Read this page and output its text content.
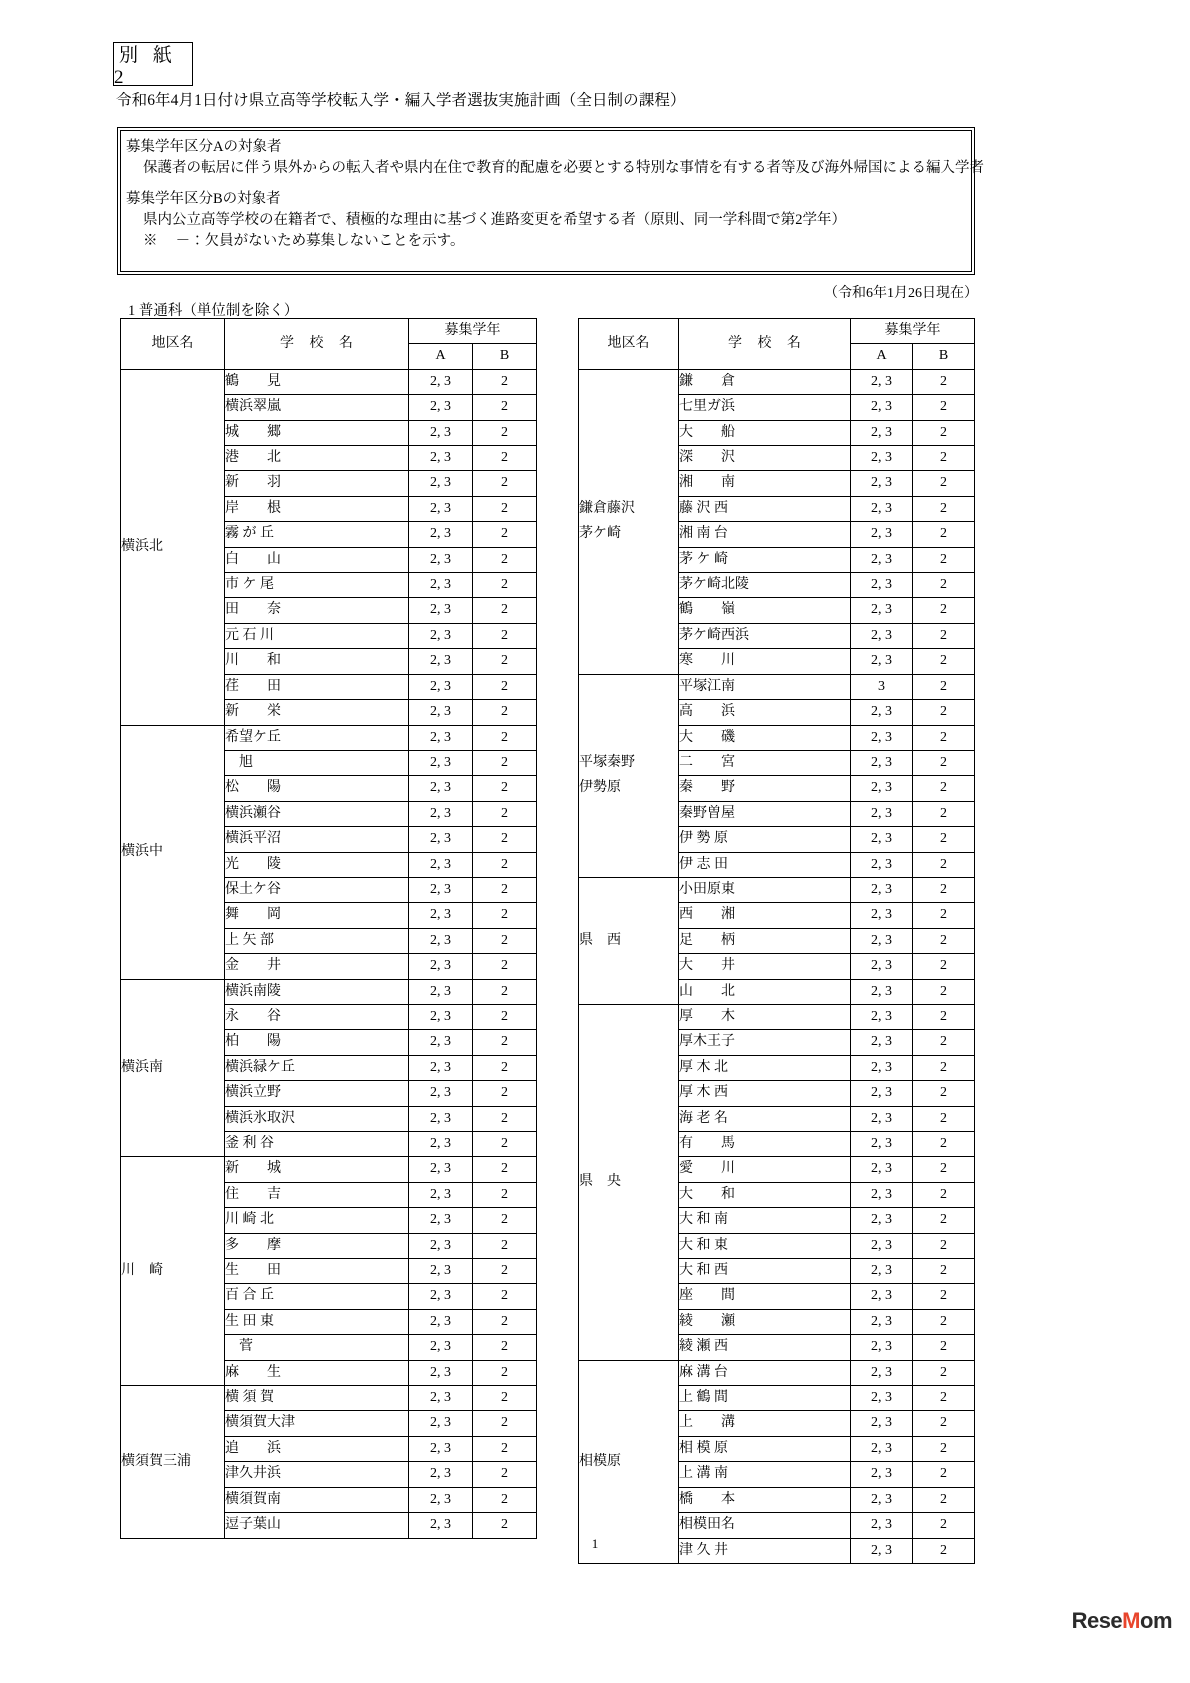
別 紙 2
令和6年4月1日付け県立高等学校転入学・編入学者選抜実施計画（全日制の課程）
募集学年区分Aの対象者
保護者の転居に伴う県外からの転入者や県内在住で教育的配慮を必要とする特別な事情を有する者等及び海外帰国による編入学者
募集学年区分Bの対象者
県内公立高等学校の在籍者で、積極的な理由に基づく進路変更を希望する者（原則、同一学科間で第2学年）
※　 －：欠員がないため募集しないことを示す。
（令和6年1月26日現在）
1 普通科（単位制を除く）
地区名	学 校 名	募集学年	
		A	B

横浜北	鶴　　見	2, 3	2
	横浜翠嵐	2, 3	2
	城　　郷	2, 3	2
	港　　北	2, 3	2
	新　　羽	2, 3	2
	岸　　根	2, 3	2
	霧 が 丘	2, 3	2
	白　　山	2, 3	2
	市 ケ 尾	2, 3	2
	田　　奈	2, 3	2
	元 石 川	2, 3	2
	川　　和	2, 3	2
	荏　　田	2, 3	2
	新　　栄	2, 3	2

横浜中	希望ケ丘	2, 3	2
	　旭	2, 3	2
	松　　陽	2, 3	2
	横浜瀬谷	2, 3	2
	横浜平沼	2, 3	2
	光　　陵	2, 3	2
	保土ケ谷	2, 3	2
	舞　　岡	2, 3	2
	上 矢 部	2, 3	2
	金　　井	2, 3	2

横浜南	横浜南陵	2, 3	2
	永　　谷	2, 3	2
	柏　　陽	2, 3	2
	横浜緑ケ丘	2, 3	2
	横浜立野	2, 3	2
	横浜氷取沢	2, 3	2
	釜 利 谷	2, 3	2

川　崎	新　　城	2, 3	2
	住　　吉	2, 3	2
	川 崎 北	2, 3	2
	多　　摩	2, 3	2
	生　　田	2, 3	2
	百 合 丘	2, 3	2
	生 田 東	2, 3	2
	　菅	2, 3	2
	麻　　生	2, 3	2

横須賀三浦	横 須 賀	2, 3	2
	横須賀大津	2, 3	2
	追　　浜	2, 3	2
	津久井浜	2, 3	2
	横須賀南	2, 3	2
	逗子葉山	2, 3	2
地区名	学 校 名	募集学年	
		A	B

鎌倉藤沢
茅ケ崎	鎌　　倉	2, 3	2
	七里ガ浜	2, 3	2
	大　　船	2, 3	2
	深　　沢	2, 3	2
	湘　　南	2, 3	2
	藤 沢 西	2, 3	2
	湘 南 台	2, 3	2
	茅 ケ 崎	2, 3	2
	茅ケ崎北陵	2, 3	2
	鶴　　嶺	2, 3	2
	茅ケ崎西浜	2, 3	2
	寒　　川	2, 3	2

平塚秦野
伊勢原	平塚江南	3	2
	高　　浜	2, 3	2
	大　　磯	2, 3	2
	二　　宮	2, 3	2
	秦　　野	2, 3	2
	秦野曽屋	2, 3	2
	伊 勢 原	2, 3	2
	伊 志 田	2, 3	2

県　西	小田原東	2, 3	2
	西　　湘	2, 3	2
	足　　柄	2, 3	2
	大　　井	2, 3	2
	山　　北	2, 3	2

県　央	厚　　木	2, 3	2
	厚木王子	2, 3	2
	厚 木 北	2, 3	2
	厚 木 西	2, 3	2
	海 老 名	2, 3	2
	有　　馬	2, 3	2
	愛　　川	2, 3	2
	大　　和	2, 3	2
	大 和 南	2, 3	2
	大 和 東	2, 3	2
	大 和 西	2, 3	2
	座　　間	2, 3	2
	綾　　瀬	2, 3	2
	綾 瀬 西	2, 3	2

相模原	麻 溝 台	2, 3	2
	上 鶴 間	2, 3	2
	上　　溝	2, 3	2
	相 模 原	2, 3	2
	上 溝 南	2, 3	2
	橋　　本	2, 3	2
	相模田名	2, 3	2
	津 久 井	2, 3	2
1
ReseMom
